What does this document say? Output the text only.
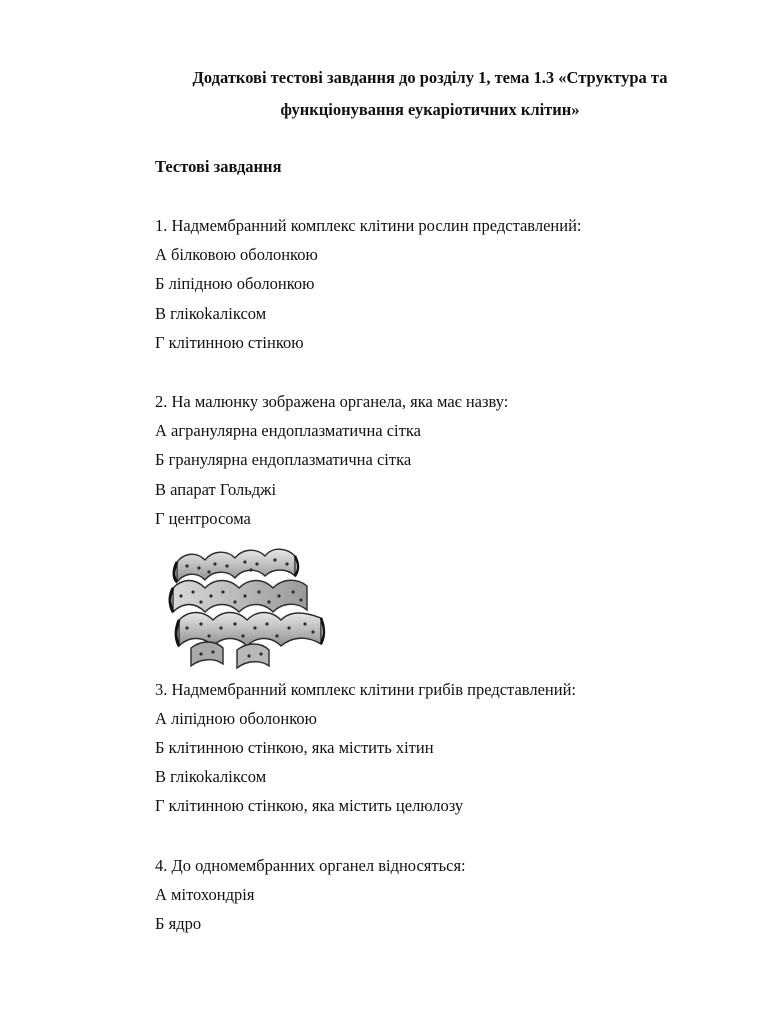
Додаткові тестові завдання до розділу 1, тема 1.3 «Структура та

функціонування еукаріотичних клітин»

Тестові завдання

1. Надмембранний комплекс клітини рослин представлений:

А білковою оболонкою

Б ліпідною оболонкою

В глікоkаліксом

Г клітинною стінкою

2. На малюнку зображена органела, яка має назву:

А агранулярна ендоплазматична сітка

Б гранулярна ендоплазматична сітка

В апарат Гольджі

Г центросома

3. Надмембранний комплекс клітини грибів представлений:

А ліпідною оболонкою

Б клітинною стінкою, яка містить хітин

В глікоkаліксом

Г клітинною стінкою, яка містить целюлозу

4. До одномембранних органел відносяться:

А мітохондрія

Б ядро
